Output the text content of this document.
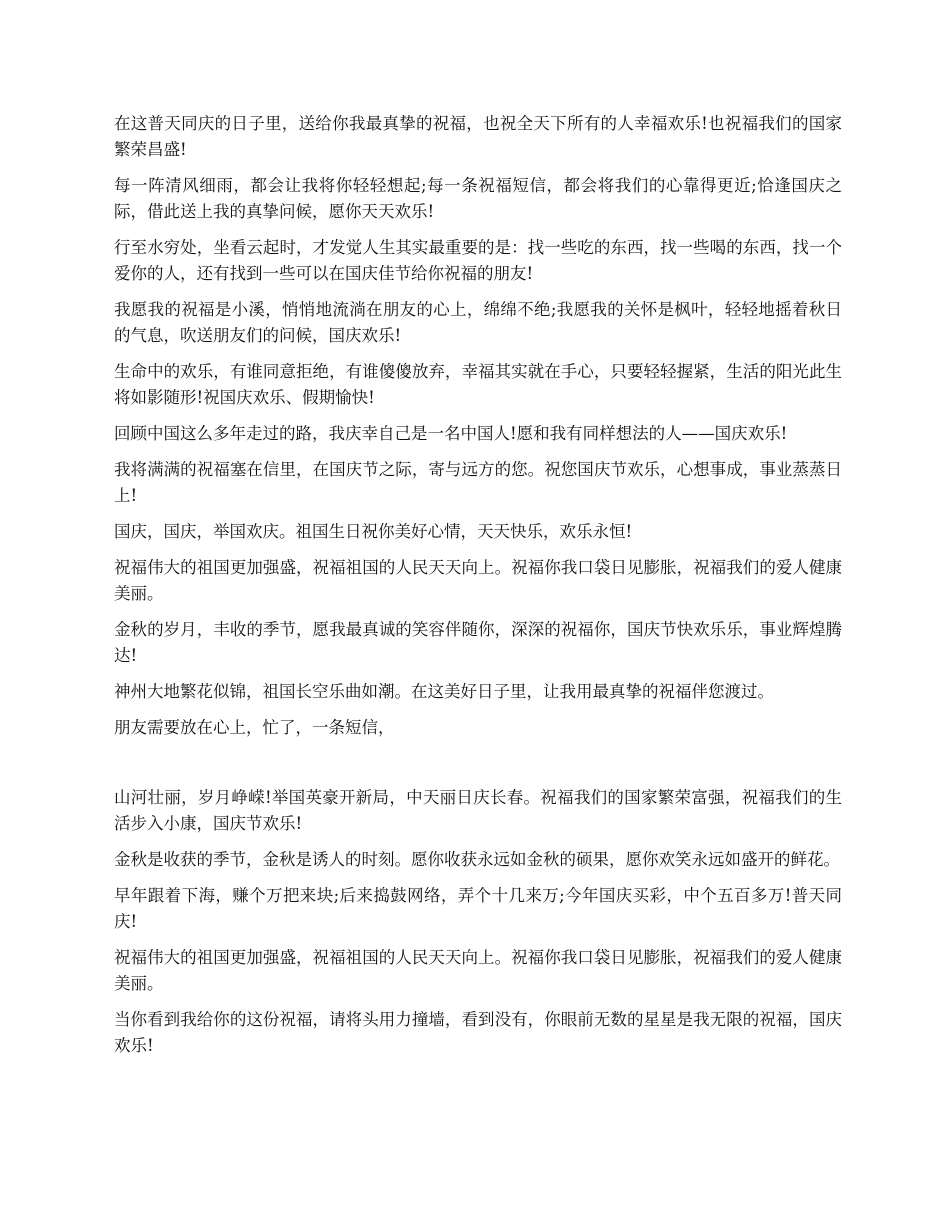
在这普天同庆的日子里，送给你我最真挚的祝福，也祝全天下所有的人幸福欢乐!也祝福我们的国家繁荣昌盛!

每一阵清风细雨，都会让我将你轻轻想起;每一条祝福短信，都会将我们的心靠得更近;恰逢国庆之际，借此送上我的真挚问候，愿你天天欢乐!

行至水穷处，坐看云起时，才发觉人生其实最重要的是：找一些吃的东西，找一些喝的东西，找一个爱你的人，还有找到一些可以在国庆佳节给你祝福的朋友!

我愿我的祝福是小溪，悄悄地流淌在朋友的心上，绵绵不绝;我愿我的关怀是枫叶，轻轻地摇着秋日的气息，吹送朋友们的问候，国庆欢乐!

生命中的欢乐，有谁同意拒绝，有谁傻傻放弃，幸福其实就在手心，只要轻轻握紧，生活的阳光此生将如影随形!祝国庆欢乐、假期愉快!

回顾中国这么多年走过的路，我庆幸自己是一名中国人!愿和我有同样想法的人——国庆欢乐!

我将满满的祝福塞在信里，在国庆节之际，寄与远方的您。祝您国庆节欢乐，心想事成，事业蒸蒸日上!

国庆，国庆，举国欢庆。祖国生日祝你美好心情，天天快乐，欢乐永恒!

祝福伟大的祖国更加强盛，祝福祖国的人民天天向上。祝福你我口袋日见膨胀，祝福我们的爱人健康美丽。

金秋的岁月，丰收的季节，愿我最真诚的笑容伴随你，深深的祝福你，国庆节快欢乐乐，事业辉煌腾达!

神州大地繁花似锦，祖国长空乐曲如潮。在这美好日子里，让我用最真挚的祝福伴您渡过。

朋友需要放在心上，忙了，一条短信，

山河壮丽，岁月峥嵘!举国英豪开新局，中天丽日庆长春。祝福我们的国家繁荣富强，祝福我们的生活步入小康，国庆节欢乐!

金秋是收获的季节，金秋是诱人的时刻。愿你收获永远如金秋的硕果，愿你欢笑永远如盛开的鲜花。

早年跟着下海，赚个万把来块;后来捣鼓网络，弄个十几来万;今年国庆买彩，中个五百多万!普天同庆!

祝福伟大的祖国更加强盛，祝福祖国的人民天天向上。祝福你我口袋日见膨胀，祝福我们的爱人健康美丽。

当你看到我给你的这份祝福，请将头用力撞墙，看到没有，你眼前无数的星星是我无限的祝福，国庆欢乐!
